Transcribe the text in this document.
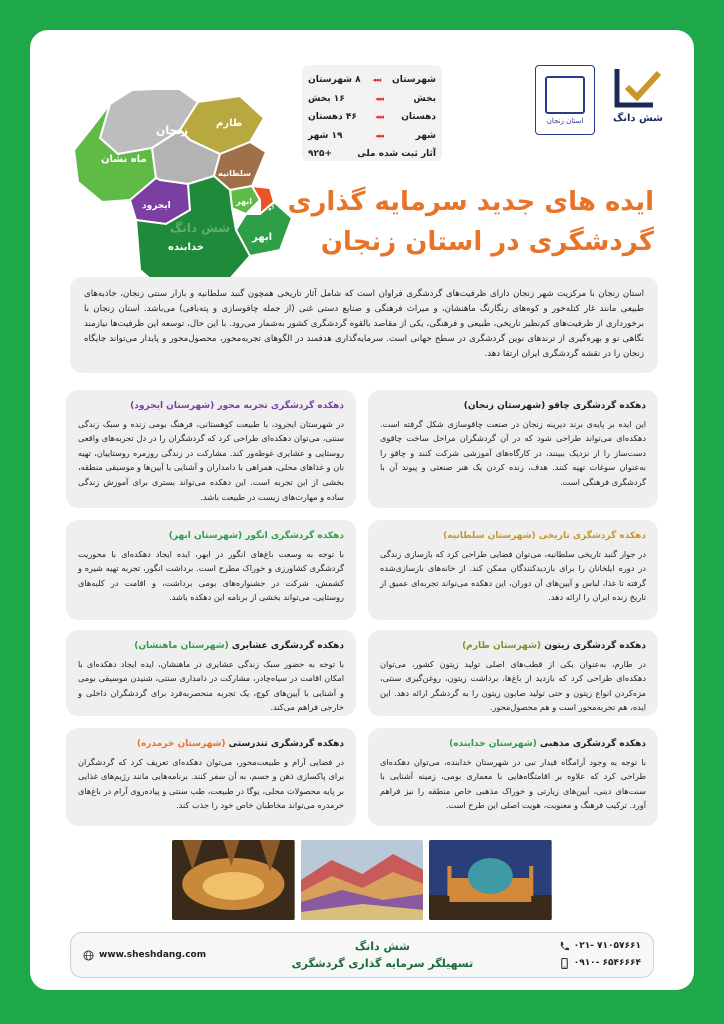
ماه نشان
زنجان
طارم
سلطانیه
ابهر
ایجرود	خرمدره
ابهر
خدابنده
شش دانگ
شهرستان
◂◂◂
۸ شهرستان
بخش
◂◂◂
۱۶ بخش
دهستان
◂◂◂
۴۶ دهستان
شهر
◂◂◂
۱۹ شهر
آثار ثبت شده ملی
+۹۲۵
استان زنجان	شش دانگ
ایده های جدید سرمایه گذاری
گردشگری در استان زنجان
استان زنجان با مرکزیت شهر زنجان دارای ظرفیت‌های گردشگری فراوان است که شامل آثار تاریخی همچون گنبد سلطانیه و بازار سنتی زنجان، جاذبه‌های طبیعی مانند غار کتله‌خور و کوه‌های رنگارنگ ماهنشان، و میراث فرهنگی و صنایع دستی غنی (از جمله چاقوسازی و پته‌بافی) می‌باشد. استان زنجان با برخورداری از ظرفیت‌های کم‌نظیر تاریخی، طبیعی و فرهنگی، یکی از مقاصد بالقوه گردشگری کشور به‌شمار می‌رود. با این حال، توسعه این ظرفیت‌ها نیازمند نگاهی نو و بهره‌گیری از ترندهای نوین گردشگری در سطح جهانی است. سرمایه‌گذاری هدفمند در الگوهای تجربه‌محور، محصول‌محور و پایدار می‌تواند جایگاه زنجان را در نقشه گردشگری ایران ارتقا دهد.
دهکده گردشگری چاقو (شهرستان زنجان)
این ایده بر پایه‌ی برند دیرینه زنجان در صنعت چاقوسازی شکل گرفته است. دهکده‌ای می‌تواند طراحی شود که در آن گردشگران مراحل ساخت چاقوی دست‌ساز را از نزدیک ببینند، در کارگاه‌های آموزشی شرکت کنند و چاقو را به‌عنوان سوغات تهیه کنند. هدف، زنده کردن یک هنر صنعتی و پیوند آن با گردشگری فرهنگی است.
دهکده گردشگری تجربه محور (شهرستان ایجرود)
در شهرستان ایجرود، با طبیعت کوهستانی، فرهنگ بومی زنده و سبک زندگی سنتی، می‌توان دهکده‌ای طراحی کرد که گردشگران را در دل تجربه‌های واقعی روستایی و عشایری غوطه‌ور کند. مشارکت در زندگی روزمره روستاییان، تهیه نان و غذاهای محلی، همراهی با دامداران و آشنایی با آیین‌ها و موسیقی منطقه، بخشی از این تجربه است. این دهکده می‌تواند بستری برای آموزش زندگی ساده و مهارت‌های زیست در طبیعت باشد.
دهکده گردشگری تاریخی (شهرستان سلطانیه)
در جوار گنبد تاریخی سلطانیه، می‌توان فضایی طراحی کرد که بازسازی زندگی در دوره ایلخانان را برای بازدیدکنندگان ممکن کند. از خانه‌های بازسازی‌شده گرفته تا غذا، لباس و آیین‌های آن دوران، این دهکده می‌تواند تجربه‌ای عمیق از تاریخ زنده ایران را ارائه دهد.
دهکده گردشگری انگور (شهرستان ابهر)
با توجه به وسعت باغ‌های انگور در ابهر، ایده ایجاد دهکده‌ای با محوریت گردشگری کشاورزی و خوراک مطرح است. برداشت انگور، تجربه تهیه شیره و کشمش، شرکت در جشنواره‌های بومی برداشت، و اقامت در کلبه‌های روستایی، می‌تواند بخشی از برنامه این دهکده باشد.
دهکده گردشگری زیتون (شهرستان طارم)
در طارم، به‌عنوان یکی از قطب‌های اصلی تولید زیتون کشور، می‌توان دهکده‌ای طراحی کرد که بازدید از باغ‌ها، برداشت زیتون، روغن‌گیری سنتی، مزه‌کردن انواع زیتون و حتی تولید صابون زیتون را به گردشگر ارائه دهد. این ایده، هم تجربه‌محور است و هم محصول‌محور.
دهکده گردشگری عشایری (شهرستان ماهنشان)
با توجه به حضور سبک زندگی عشایری در ماهنشان، ایده ایجاد دهکده‌ای با امکان اقامت در سیاه‌چادر، مشارکت در دامداری سنتی، شنیدن موسیقی بومی و آشنایی با آیین‌های کوچ، یک تجربه منحصربه‌فرد برای گردشگران داخلی و خارجی فراهم می‌کند.
دهکده گردشگری مذهبی (شهرستان خدابنده)
با توجه به وجود آرامگاه قیدار نبی در شهرستان خدابنده، می‌توان دهکده‌ای طراحی کرد که علاوه بر اقامتگاه‌هایی با معماری بومی، زمینه آشنایی با سنت‌های دینی، آیین‌های زیارتی و خوراک مذهبی خاص منطقه را نیز فراهم آورد. ترکیب فرهنگ و معنویت، هویت اصلی این طرح است.
دهکده گردشگری تندرستی (شهرستان خرمدره)
در فضایی آرام و طبیعت‌محور، می‌توان دهکده‌ای تعریف کرد که گردشگران برای پاکسازی ذهن و جسم، به آن سفر کنند. برنامه‌هایی مانند رژیم‌های غذایی بر پایه محصولات محلی، یوگا در طبیعت، طب سنتی و پیاده‌روی آرام در باغ‌های خرمدره می‌تواند مخاطبان خاص خود را جذب کند.
۰۲۱- ۷۱۰۵۷۶۶۱
۰۹۱۰- ۶۵۴۶۶۶۴
شش دانگ
تسهیلگر سرمایه گذاری گردشگری
www.sheshdang.com
